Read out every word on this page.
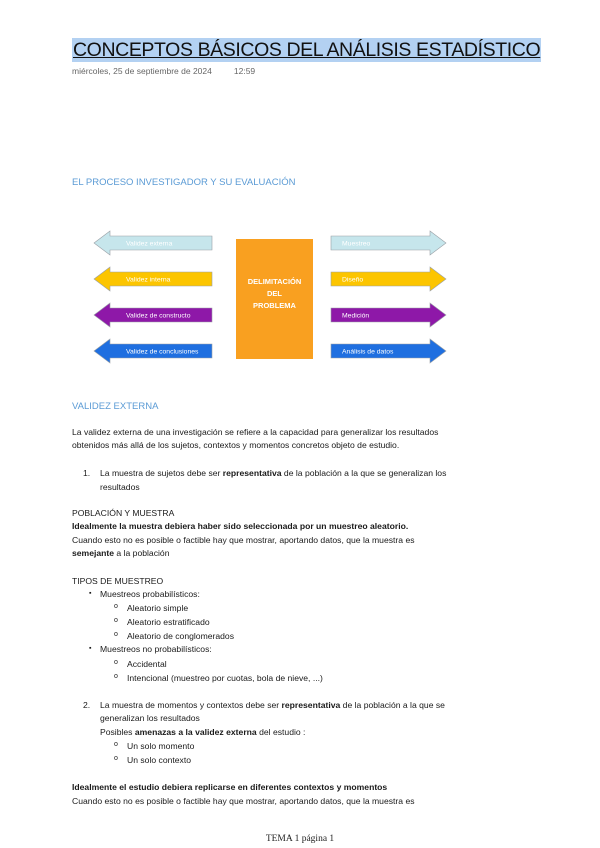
CONCEPTOS BÁSICOS DEL ANÁLISIS ESTADÍSTICO
miércoles, 25 de septiembre de 2024	12:59
EL PROCESO INVESTIGADOR Y SU EVALUACIÓN
DELIMITACIÓN
DEL
PROBLEMA
Validez externa
Validez interna
Validez de constructo
Validez de conclusiones
Muestreo
Diseño
Medición
Análisis de datos
VALIDEZ EXTERNA
La validez externa de una investigación se refiere a la capacidad para generalizar los resultados
obtenidos más allá de los sujetos, contextos y momentos concretos objeto de estudio.
1. La muestra de sujetos debe ser representativa de la población a la que se generalizan los
resultados
POBLACIÓN Y MUESTRA
Idealmente la muestra debiera haber sido seleccionada por un muestreo aleatorio.
Cuando esto no es posible o factible hay que mostrar, aportando datos, que la muestra es
semejante a la población
TIPOS DE MUESTREO
▪ Muestreos probabilísticos:
o Aleatorio simple
o Aleatorio estratificado
o Aleatorio de conglomerados
▪ Muestreos no probabilísticos:
o Accidental
o Intencional (muestreo por cuotas, bola de nieve, ...)
2. La muestra de momentos y contextos debe ser representativa de la población a la que se
generalizan los resultados
Posibles amenazas a la validez externa del estudio :
o Un solo momento
o Un solo contexto
Idealmente el estudio debiera replicarse en diferentes contextos y momentos
Cuando esto no es posible o factible hay que mostrar, aportando datos, que la muestra es
TEMA 1 página 1
